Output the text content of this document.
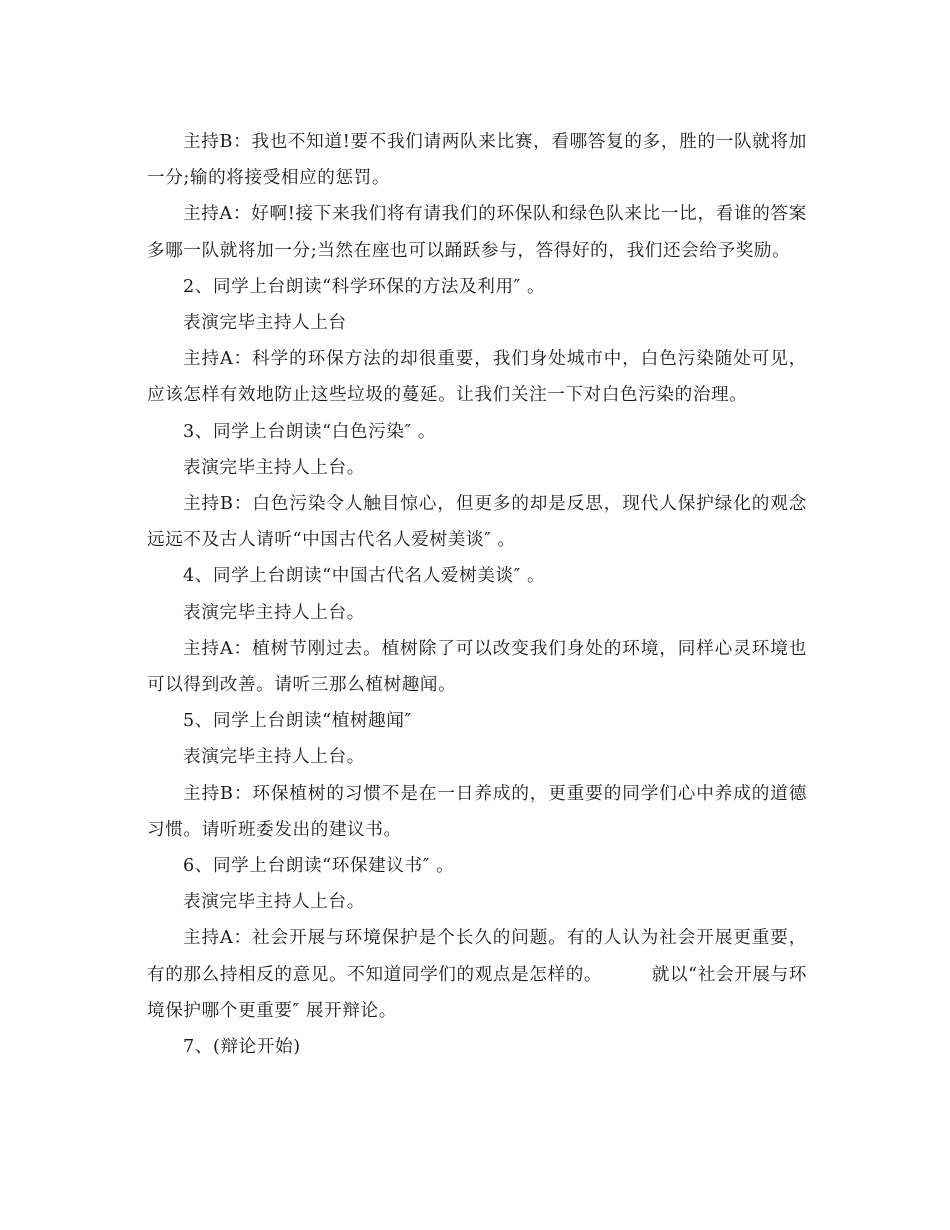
主持B：我也不知道!要不我们请两队来比赛，看哪答复的多，胜的一队就将加一分;输的将接受相应的惩罚。

主持A：好啊!接下来我们将有请我们的环保队和绿色队来比一比，看谁的答案多哪一队就将加一分;当然在座也可以踊跃参与，答得好的，我们还会给予奖励。

2、同学上台朗读“科学环保的方法及利用″ 。

表演完毕主持人上台

主持A：科学的环保方法的却很重要，我们身处城市中，白色污染随处可见，应该怎样有效地防止这些垃圾的蔓延。让我们关注一下对白色污染的治理。

3、同学上台朗读“白色污染″ 。

表演完毕主持人上台。

主持B：白色污染令人触目惊心，但更多的却是反思，现代人保护绿化的观念远远不及古人请听“中国古代名人爱树美谈″ 。

4、同学上台朗读“中国古代名人爱树美谈″ 。

表演完毕主持人上台。

主持A：植树节刚过去。植树除了可以改变我们身处的环境，同样心灵环境也可以得到改善。请听三那么植树趣闻。

5、同学上台朗读“植树趣闻″

表演完毕主持人上台。

主持B：环保植树的习惯不是在一日养成的，更重要的同学们心中养成的道德习惯。请听班委发出的建议书。

6、同学上台朗读“环保建议书″ 。

表演完毕主持人上台。

主持A：社会开展与环境保护是个长久的问题。有的人认为社会开展更重要，有的那么持相反的意见。不知道同学们的观点是怎样的。        就以“社会开展与环境保护哪个更重要″ 展开辩论。

7、(辩论开始)
